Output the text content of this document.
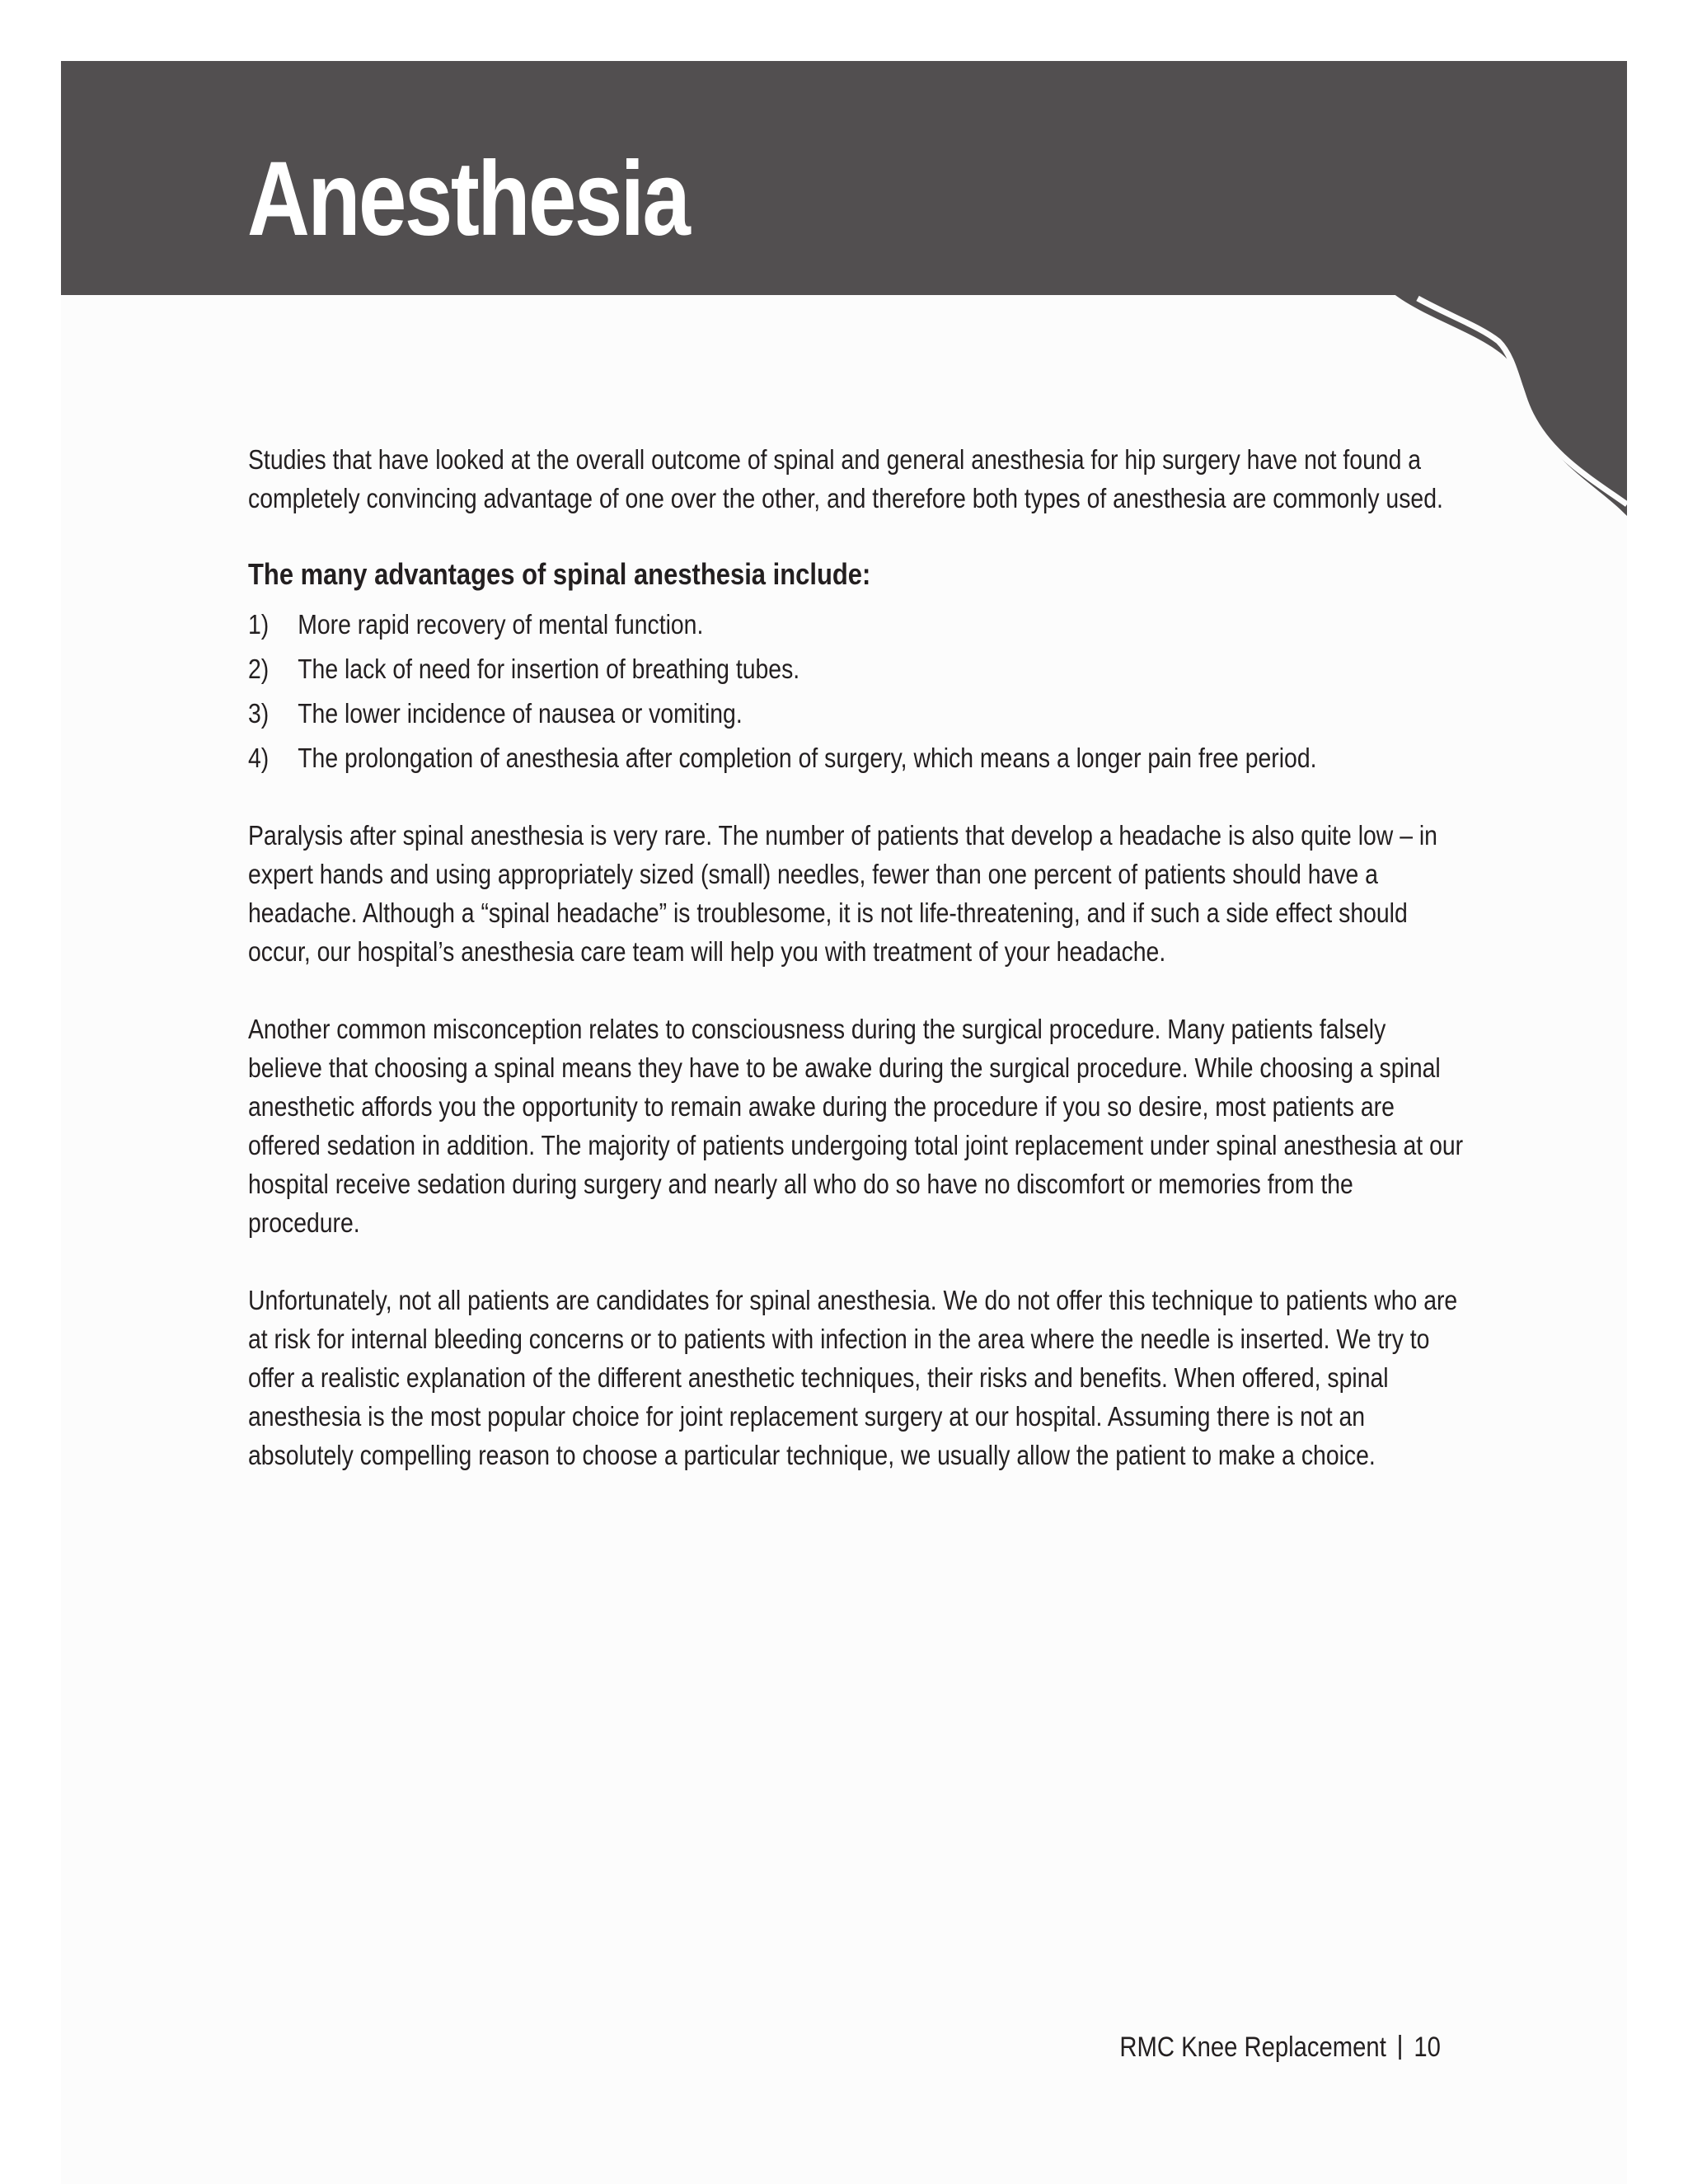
Anesthesia

Studies that have looked at the overall outcome of spinal and general anesthesia for hip surgery have not found a completely convincing advantage of one over the other, and therefore both types of anesthesia are commonly used.

The many advantages of spinal anesthesia include:
1)	More rapid recovery of mental function.
2)	The lack of need for insertion of breathing tubes.
3)	The lower incidence of nausea or vomiting.
4)	The prolongation of anesthesia after completion of surgery, which means a longer pain free period.

Paralysis after spinal anesthesia is very rare. The number of patients that develop a headache is also quite low – in expert hands and using appropriately sized (small) needles, fewer than one percent of patients should have a headache. Although a “spinal headache” is troublesome, it is not life-threatening, and if such a side effect should occur, our hospital’s anesthesia care team will help you with treatment of your headache.

Another common misconception relates to consciousness during the surgical procedure. Many patients falsely believe that choosing a spinal means they have to be awake during the surgical procedure. While choosing a spinal anesthetic affords you the opportunity to remain awake during the procedure if you so desire, most patients are offered sedation in addition. The majority of patients undergoing total joint replacement under spinal anesthesia at our hospital receive sedation during surgery and nearly all who do so have no discomfort or memories from the procedure.

Unfortunately, not all patients are candidates for spinal anesthesia. We do not offer this technique to patients who are at risk for internal bleeding concerns or to patients with infection in the area where the needle is inserted. We try to offer a realistic explanation of the different anesthetic techniques, their risks and benefits. When offered, spinal anesthesia is the most popular choice for joint replacement surgery at our hospital. Assuming there is not an absolutely compelling reason to choose a particular technique, we usually allow the patient to make a choice.

RMC Knee Replacement 10
